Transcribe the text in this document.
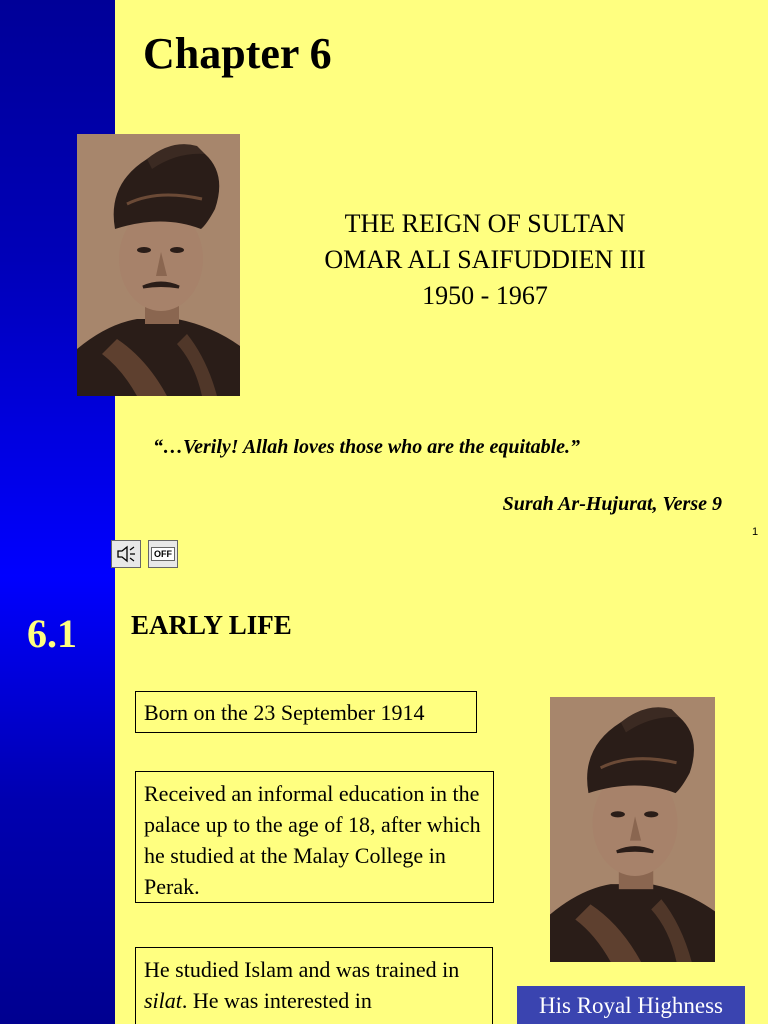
Chapter 6
THE REIGN OF SULTAN
OMAR ALI SAIFUDDIEN III
1950 - 1967
“…Verily! Allah loves those who are the equitable.”
Surah Ar-Hujurat, Verse 9
1
OFF
6.1 EARLY LIFE
Born on the 23 September 1914
Received an informal education in the palace up to the age of 18, after which he studied at the Malay College in Perak.
He studied Islam and was trained in silat. He was interested in	His Royal Highness
